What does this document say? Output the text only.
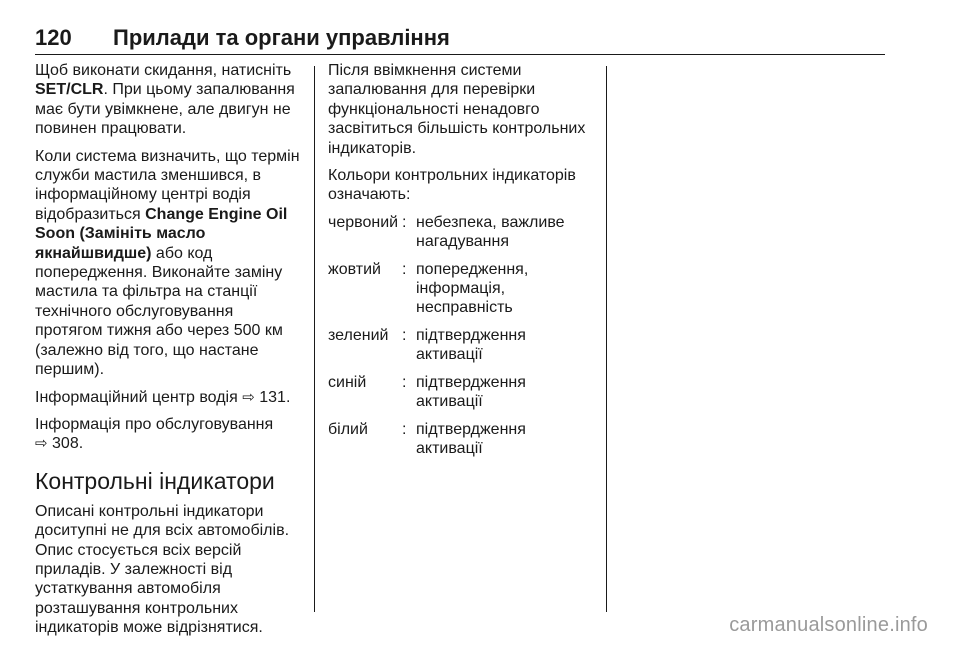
120	Прилади та органи управління

Щоб виконати скидання, натисніть SET/CLR. При цьому запалювання має бути увімкнене, але двигун не повинен працювати.

Коли система визначить, що термін служби мастила зменшився, в інформаційному центрі водія відобразиться Change Engine Oil Soon (Замініть масло якнайшвидше) або код попередження. Виконайте заміну мастила та фільтра на станції технічного обслуговування протягом тижня або через 500 км (залежно від того, що настане першим).

Інформаційний центр водія ⇨ 131.

Інформація про обслуговування
⇨ 308.

Контрольні індикатори

Описані контрольні індикатори доситупні не для всіх автомобілів. Опис стосується всіх версій приладів. У залежності від устаткування автомобіля розташування контрольних індикаторів може відрізнятися.

Після ввімкнення системи запалювання для перевірки функціональності ненадовго засвітиться більшість контрольних індикаторів.

Кольори контрольних індикаторів означають:

червоний : небезпека, важливе нагадування
жовтий	: попередження, інформація, несправність
зелений : підтвердження активації
синій	: підтвердження активації
білий	: підтвердження активації
carmanualsonline.info
